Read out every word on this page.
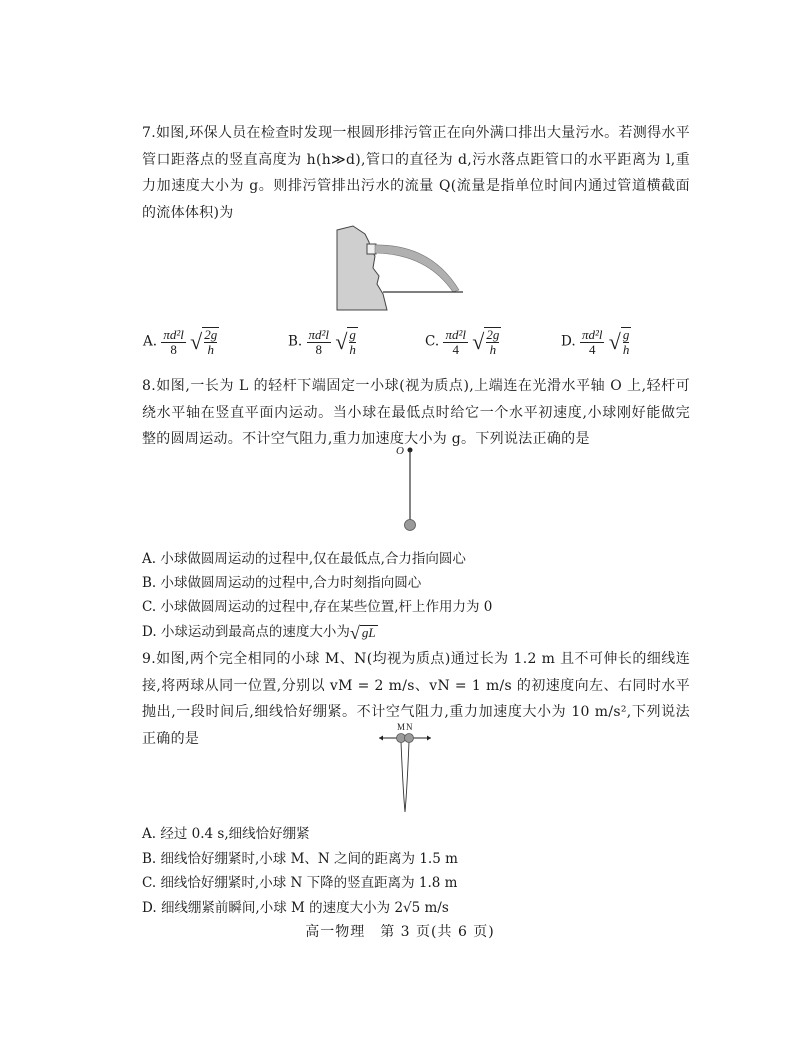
7.如图,环保人员在检查时发现一根圆形排污管正在向外满口排出大量污水。若测得水平管口距落点的竖直高度为 h(h≫d),管口的直径为 d,污水落点距管口的水平距离为 l,重力加速度大小为 g。则排污管排出污水的流量 Q(流量是指单位时间内通过管道横截面的流体体积)为
A. $\frac{\text{πd²l}}{8}$ √ $\frac{2g}{h}$	B. $\frac{\text{πd²l}}{8}$ √ $\frac{g}{h}$	C. $\frac{\text{πd²l}}{4}$ √ $\frac{2g}{h}$	D. $\frac{\text{πd²l}}{4}$ √ $\frac{g}{h}$
8.如图,一长为 L 的轻杆下端固定一小球(视为质点),上端连在光滑水平轴 O 上,轻杆可绕水平轴在竖直平面内运动。当小球在最低点时给它一个水平初速度,小球刚好能做完整的圆周运动。不计空气阻力,重力加速度大小为 g。下列说法正确的是
O
A. 小球做圆周运动的过程中,仅在最低点,合力指向圆心
B. 小球做圆周运动的过程中,合力时刻指向圆心
C. 小球做圆周运动的过程中,存在某些位置,杆上作用力为 0
D. 小球运动到最高点的速度大小为√ gL
9.如图,两个完全相同的小球 M、N(均视为质点)通过长为 1.2 m 且不可伸长的细线连接,将两球从同一位置,分别以 vM = 2 m/s、vN = 1 m/s 的初速度向左、右同时水平抛出,一段时间后,细线恰好绷紧。不计空气阻力,重力加速度大小为 10 m/s²,下列说法正确的是
M N
A. 经过 0.4 s,细线恰好绷紧
B. 细线恰好绷紧时,小球 M、N 之间的距离为 1.5 m
C. 细线恰好绷紧时,小球 N 下降的竖直距离为 1.8 m
D. 细线绷紧前瞬间,小球 M 的速度大小为 2√5 m/s
高一物理　第 3 页(共 6 页)
